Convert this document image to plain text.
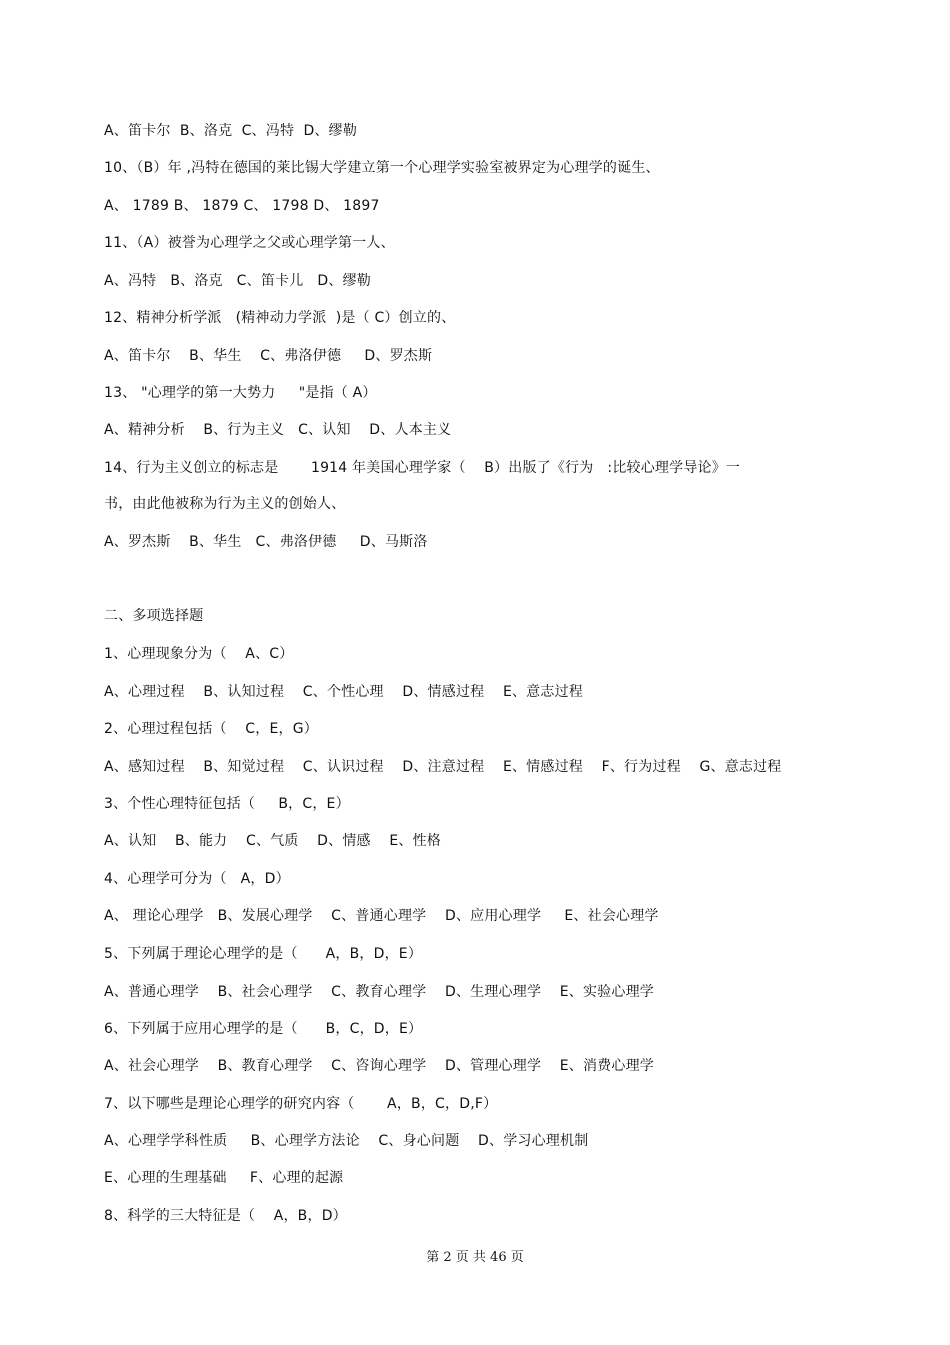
A、笛卡尔  B、洛克  C、冯特  D、缪勒
10、（B）年 ,冯特在德国的莱比锡大学建立第一个心理学实验室被界定为心理学的诞生、
A、 1789 B、 1879 C、 1798 D、 1897
11、（A）被誉为心理学之父或心理学第一人、
A、冯特   B、洛克   C、笛卡儿   D、缪勒
12、精神分析学派   (精神动力学派  )是（ C）创立的、
A、笛卡尔    B、华生    C、弗洛伊德     D、罗杰斯
13、 "心理学的第一大势力     "是指（ A）
A、精神分析    B、行为主义   C、认知    D、人本主义
14、行为主义创立的标志是       1914 年美国心理学家（    B）出版了《行为   :比较心理学导论》一
书，由此他被称为行为主义的创始人、
A、罗杰斯    B、华生   C、弗洛伊德     D、马斯洛
二、多项选择题
1、心理现象分为（    A、C）
A、心理过程    B、认知过程    C、个性心理    D、情感过程    E、意志过程
2、心理过程包括（    C，E，G）
A、感知过程    B、知觉过程    C、认识过程    D、注意过程    E、情感过程    F、行为过程    G、意志过程
3、个性心理特征包括（     B，C，E）
A、认知    B、能力    C、气质    D、情感    E、性格
4、心理学可分为（   A，D）
A、 理论心理学   B、发展心理学    C、普通心理学    D、应用心理学     E、社会心理学
5、下列属于理论心理学的是（      A，B，D，E）
A、普通心理学    B、社会心理学    C、教育心理学    D、生理心理学    E、实验心理学
6、下列属于应用心理学的是（      B，C，D，E）
A、社会心理学    B、教育心理学    C、咨询心理学    D、管理心理学    E、消费心理学
7、以下哪些是理论心理学的研究内容（       A，B，C，D,F）
A、心理学学科性质     B、心理学方法论    C、身心问题    D、学习心理机制
E、心理的生理基础     F、心理的起源
8、科学的三大特征是（    A，B，D）
第 2 页 共 46 页
